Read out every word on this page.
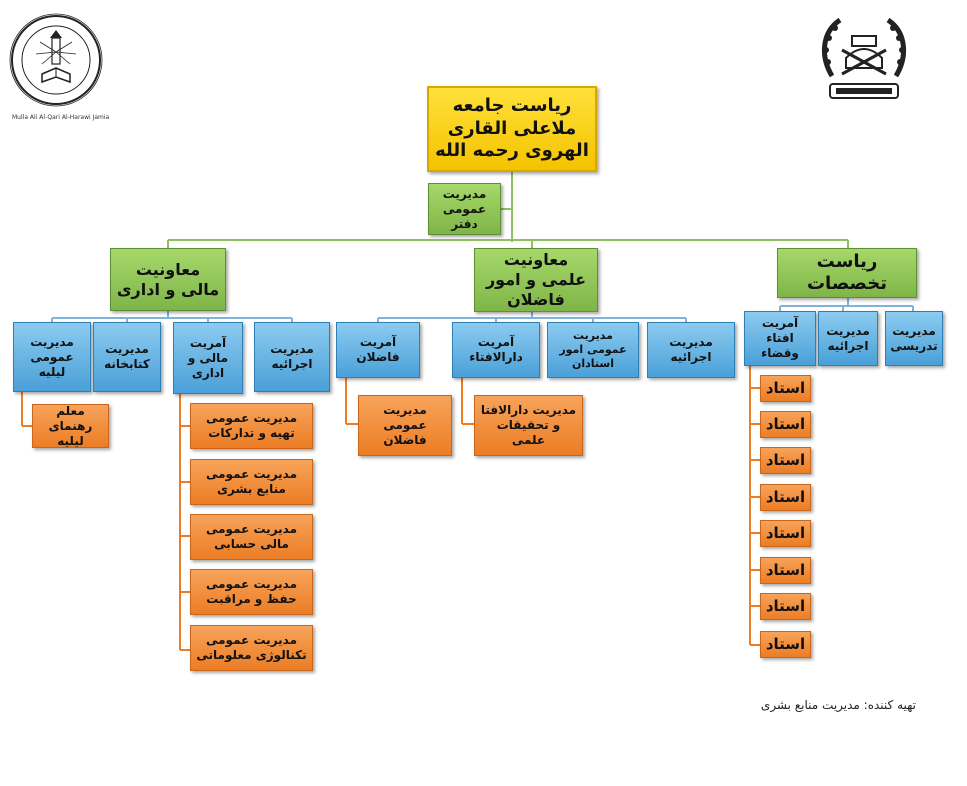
Mulla Ali Al-Qari Al-Harawi Jamia
ریاست جامعه ملاعلی القاری الهروی رحمه الله
مدیریت عمومی دفتر
معاونیت مالی و اداری
معاونیت علمی و امور فاضلان
ریاست تخصصات
مدیریت عمومی لیلیه
مدیریت کتابخانه
آمریت مالی و اداری
مدیریت اجرائیه
آمریت فاضلان
آمریت دارالافتاء
مدیریت عمومی امور استادان
مدیریت اجرائیه
آمریت افتاء وقضاء
مدیریت اجرائیه
مدیریت تدریسی
معلم رهنمای لیلیه
مدیریت عمومی تهیه و تدارکات
مدیریت عمومی منابع بشری
مدیریت عمومی مالی حسابی
مدیریت عمومی حفظ و مراقبت
مدیریت عمومی تکنالوژی معلوماتی
مدیریت عمومی فاضلان
مدیریت دارالافتا و تحقیقات علمی
استاد
استاد
استاد
استاد
استاد
استاد
استاد
استاد
تهیه کننده: مدیریت منابع بشری
